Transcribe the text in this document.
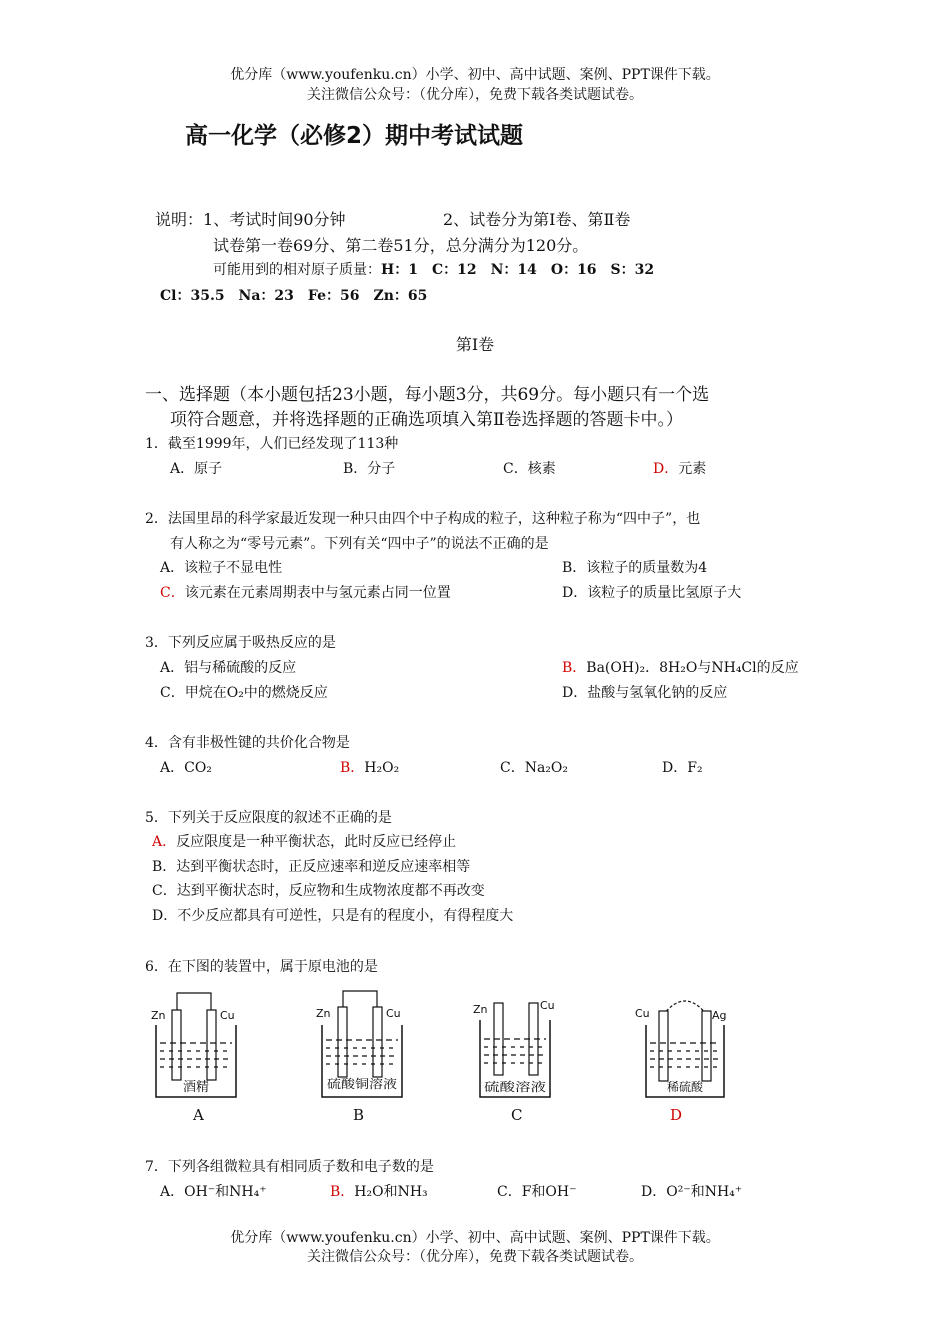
优分库（www.youfenku.cn）小学、初中、高中试题、案例、PPT课件下载。
关注微信公众号：（优分库），免费下载各类试题试卷。
高一化学（必修2）期中考试试题
说明：1、考试时间90分钟	2、试卷分为第Ⅰ卷、第Ⅱ卷
试卷第一卷69分、第二卷51分，总分满分为120分。
可能用到的相对原子质量：H：1　C：12　N：14　O：16　S：32
Cl：35.5　Na：23　Fe：56　Zn：65
第Ⅰ卷
一、选择题（本小题包括23小题，每小题3分，共69分。每小题只有一个选
项符合题意，并将选择题的正确选项填入第Ⅱ卷选择题的答题卡中。）
1．截至1999年，人们已经发现了113种
A．原子	B．分子	C．核素	D．元素
2．法国里昂的科学家最近发现一种只由四个中子构成的粒子，这种粒子称为“四中子”，也
有人称之为“零号元素”。下列有关“四中子”的说法不正确的是
A．该粒子不显电性	B．该粒子的质量数为4
C．该元素在元素周期表中与氢元素占同一位置	D．该粒子的质量比氢原子大
3．下列反应属于吸热反应的是
A．铝与稀硫酸的反应	B．Ba(OH)₂．8H₂O与NH₄Cl的反应
C．甲烷在O₂中的燃烧反应	D．盐酸与氢氧化钠的反应
4．含有非极性键的共价化合物是
A．CO₂	B．H₂O₂	C．Na₂O₂	D．F₂
5．下列关于反应限度的叙述不正确的是
A．反应限度是一种平衡状态，此时反应已经停止
B．达到平衡状态时，正反应速率和逆反应速率相等
C．达到平衡状态时，反应物和生成物浓度都不再改变
D．不少反应都具有可逆性，只是有的程度小，有得程度大
6．在下图的装置中，属于原电池的是
Zn	Cu
酒精
Zn	Cu
硫酸铜溶液
Zn	Cu
硫酸溶液
Cu	Ag
稀硫酸
A	B	C	D
7．下列各组微粒具有相同质子数和电子数的是
A．OH⁻和NH₄⁺	B．H₂O和NH₃	C．F和OH⁻	D．O²⁻和NH₄⁺
优分库（www.youfenku.cn）小学、初中、高中试题、案例、PPT课件下载。
关注微信公众号：（优分库），免费下载各类试题试卷。
